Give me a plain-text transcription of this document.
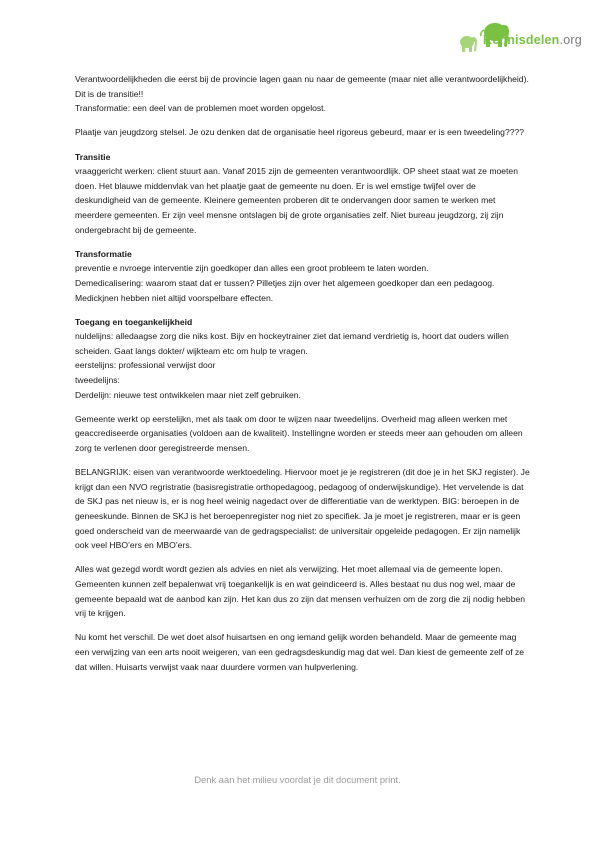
Kennisdelen.org

Verantwoordelijkheden die eerst bij de provincie lagen gaan nu naar de gemeente (maar niet alle verantwoordelijkheid). Dit is de transitie!!
Transformatie: een deel van de problemen moet worden opgelost.

Plaatje van jeugdzorg stelsel. Je ozu denken dat de organisatie heel rigoreus gebeurd, maar er is een tweedeling????

Transitie
vraaggericht werken: client stuurt aan. Vanaf 2015 zijn de gemeenten verantwoordlijk. OP sheet staat wat ze moeten doen. Het blauwe middenvlak van het plaatje gaat de gemeente nu doen. Er is wel emstige twijfel over de deskundigheid van de gemeente. Kleinere gemeenten proberen dit te ondervangen door samen te werken met meerdere gemeenten. Er zijn veel mensne ontslagen bij de grote organisaties zelf. Niet bureau jeugdzorg, zij zijn ondergebracht bij de gemeente.

Transformatie
preventie e nvroege interventie zijn goedkoper dan alles een groot probleem te laten worden.
Demedicalisering: waarom staat dat er tussen? Pilletjes zijn over het algemeen goedkoper dan een pedagoog. Medickjnen hebben niet altijd voorspelbare effecten.

Toegang en toegankelijkheid
nuldelijns: alledaagse zorg die niks kost. Bijv en hockeytrainer ziet dat iemand verdrietig is, hoort dat ouders willen scheiden. Gaat langs dokter/ wijkteam etc om hulp te vragen.
eerstelijns: professional verwijst door
tweedelijns:
Derdelijn: nieuwe test ontwikkelen maar niet zelf gebruiken.

Gemeente werkt op eerstelijkn, met als taak om door te wijzen naar tweedelijns. Overheid mag alleen werken met geaccrediseerde organisaties (voldoen aan de kwaliteit). Instellingne worden er steeds meer aan gehouden om alleen zorg te verlenen door geregistreerde mensen.

BELANGRIJK: eisen van verantwoorde werktoedeling. Hiervoor moet je je registreren (dit doe je in het SKJ register). Je krijgt dan een NVO regristratie (basisregistratie orthopedagoog, pedagoog of onderwijskundige). Het vervelende is dat de SKJ pas net nieuw is, er is nog heel weinig nagedact over de differentiatie van de werktypen. BIG: beroepen in de geneeskunde. Binnen de SKJ is het beroepenregister nog niet zo specifiek. Ja je moet je registreren, maar er is geen goed onderscheid van de meerwaarde van de gedragspecialist: de universitair opgeleide pedagogen. Er zijn namelijk ook veel HBO’ers en MBO’ers.

Alles wat gezegd wordt wordt gezien als advies en niet als verwijzing. Het moet allemaal via de gemeente lopen. Gemeenten kunnen zelf bepalenwat vrij toegankelijk is en wat geindiceerd is. Alles bestaat nu dus nog wel, maar de gemeente bepaald wat de aanbod kan zijn. Het kan dus zo zijn dat mensen verhuizen om de zorg die zij nodig hebben vrij te krijgen.

Nu komt het verschil. De wet doet alsof huisartsen en ong iemand gelijk worden behandeld. Maar de gemeente mag een verwijzing van een arts nooit weigeren, van een gedragsdeskundig mag dat wel. Dan kiest de gemeente zelf of ze dat willen. Huisarts verwijst vaak naar duurdere vormen van hulpverlening.

Denk aan het milieu voordat je dit document print.
